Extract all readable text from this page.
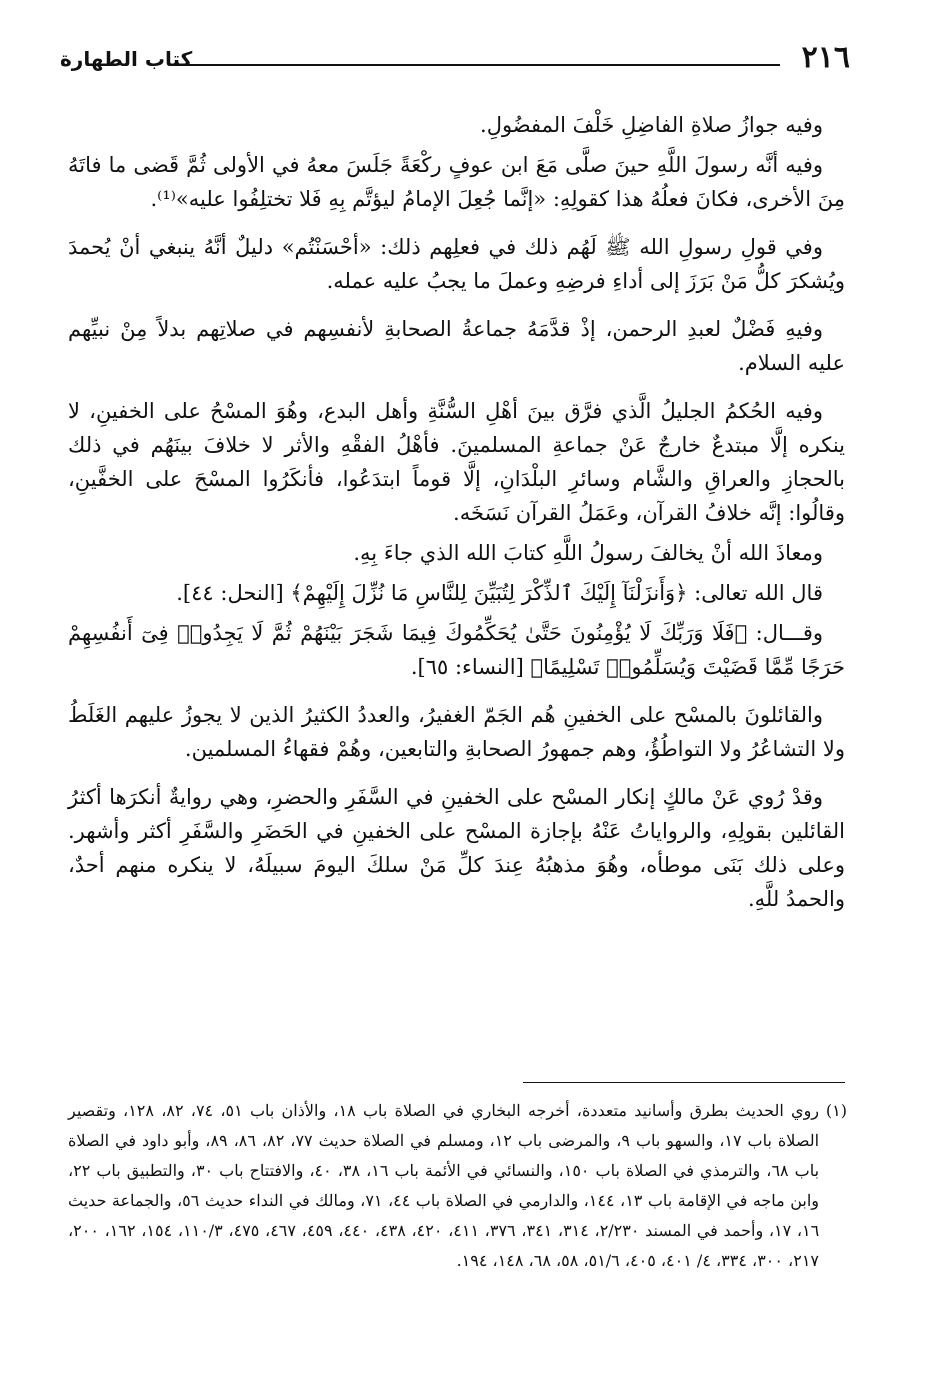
٢١٦
كتاب الطهارة

وفيه جوازُ صلاةِ الفاضِلِ خَلْفَ المفضُولِ.

وفيه أنَّه رسولَ اللَّهِ حينَ صلَّى مَعَ ابن عوفٍ ركْعَةً جَلَسَ معهُ في الأولى ثُمَّ قَضى ما فاتَهُ مِنَ الأخرى، فكانَ فعلُهُ هذا كقولِهِ: «إنَّما جُعِلَ الإمامُ ليؤتَّم بِهِ فَلا تختلِفُوا عليه»⁽¹⁾.

وفي قولِ رسولِ الله ﷺ لَهُم ذلك في فعلِهم ذلك: «أحْسَنْتُم» دليلٌ أنَّهُ ينبغي أنْ يُحمدَ ويُشكرَ كلُّ مَنْ بَرَزَ إلى أداءِ فرضِهِ وعملَ ما يجبُ عليه عمله.

وفيهِ فَضْلٌ لعبدِ الرحمن، إذْ قدَّمَهُ جماعةُ الصحابةِ لأنفسِهم في صلاتِهم بدلاً مِنْ نبيِّهم عليه السلام.

وفيه الحُكمُ الجليلُ الَّذي فرَّق بينَ أهْلِ السُّنَّةِ وأهل البدع، وهُوَ المسْحُ على الخفينِ، لا ينكره إلَّا مبتدعٌ خارجٌ عَنْ جماعةِ المسلمينَ. فأهْلُ الفقْهِ والأثر لا خلافَ بينَهُم في ذلك بالحجازِ والعراقِ والشَّام وسائرِ البلْدَانِ، إلَّا قوماً ابتدَعُوا، فأنكَرُوا المسْحَ على الخفَّينِ، وقالُوا: إنَّه خلافُ القرآن، وعَمَلُ القرآن نَسَخَه.

ومعاذَ الله أنْ يخالفَ رسولُ اللَّهِ كتابَ الله الذي جاءَ بِهِ.

قال الله تعالى: ﴿وَأَنزَلْنَآ إِلَيْكَ ٱلذِّكْرَ لِتُبَيِّنَ لِلنَّاسِ مَا نُزِّلَ إِلَيْهِمْ﴾ [النحل: ٤٤].

وقـــال: ﴿فَلَا وَرَبِّكَ لَا يُؤْمِنُونَ حَتَّىٰ يُحَكِّمُوكَ فِيمَا شَجَرَ بَيْنَهُمْ ثُمَّ لَا يَجِدُوا۟ فِىٓ أَنفُسِهِمْ حَرَجًا مِّمَّا قَضَيْتَ وَيُسَلِّمُوا۟ تَسْلِيمًا﴾ [النساء: ٦٥].

والقائلونَ بالمسْح على الخفينِ هُم الجَمّ الغفيرُ، والعددُ الكثيرُ الذين لا يجوزُ عليهم الغَلَطُ ولا التشاعُرُ ولا التواطُؤُ، وهم جمهورُ الصحابةِ والتابعين، وهُمْ فقهاءُ المسلمين.

وقدْ رُوي عَنْ مالكٍ إنكار المسْح على الخفينِ في السَّفَرِ والحضرِ، وهي روايةٌ أنكرَها أكثرُ القائلين بقولِهِ، والرواياتُ عَنْهُ بإجازة المسْح على الخفينِ في الحَضَرِ والسَّفَرِ أكثر وأشهر. وعلى ذلك بَنَى موطأه، وهُوَ مذهبُهُ عِندَ كلِّ مَنْ سلكَ اليومَ سبيلَهُ، لا ينكره منهم أحدٌ، والحمدُ للَّهِ.

(١)
روي الحديث بطرق وأسانيد متعددة، أخرجه البخاري في الصلاة باب ١٨، والأذان باب ٥١، ٧٤، ٨٢، ١٢٨، وتقصير الصلاة باب ١٧، والسهو باب ٩، والمرضى باب ١٢، ومسلم في الصلاة حديث ٧٧، ٨٢، ٨٦، ٨٩، وأبو داود في الصلاة باب ٦٨، والترمذي في الصلاة باب ١٥٠، والنسائي في الأئمة باب ١٦، ٣٨، ٤٠، والافتتاح باب ٣٠، والتطبيق باب ٢٢، وابن ماجه في الإقامة باب ١٣، ١٤٤، والدارمي في الصلاة باب ٤٤، ٧١، ومالك في النداء حديث ٥٦، والجماعة حديث ١٦، ١٧، وأحمد في المسند ٢/٢٣٠، ٣١٤، ٣٤١، ٣٧٦، ٤١١، ٤٢٠، ٤٣٨، ٤٤٠، ٤٥٩، ٤٦٧، ٤٧٥، ١١٠/٣، ١٥٤، ١٦٢، ٢٠٠، ٢١٧، ٣٠٠، ٣٣٤، ٤/ ٤٠١، ٤٠٥، ٥١/٦، ٥٨، ٦٨، ١٤٨، ١٩٤.
